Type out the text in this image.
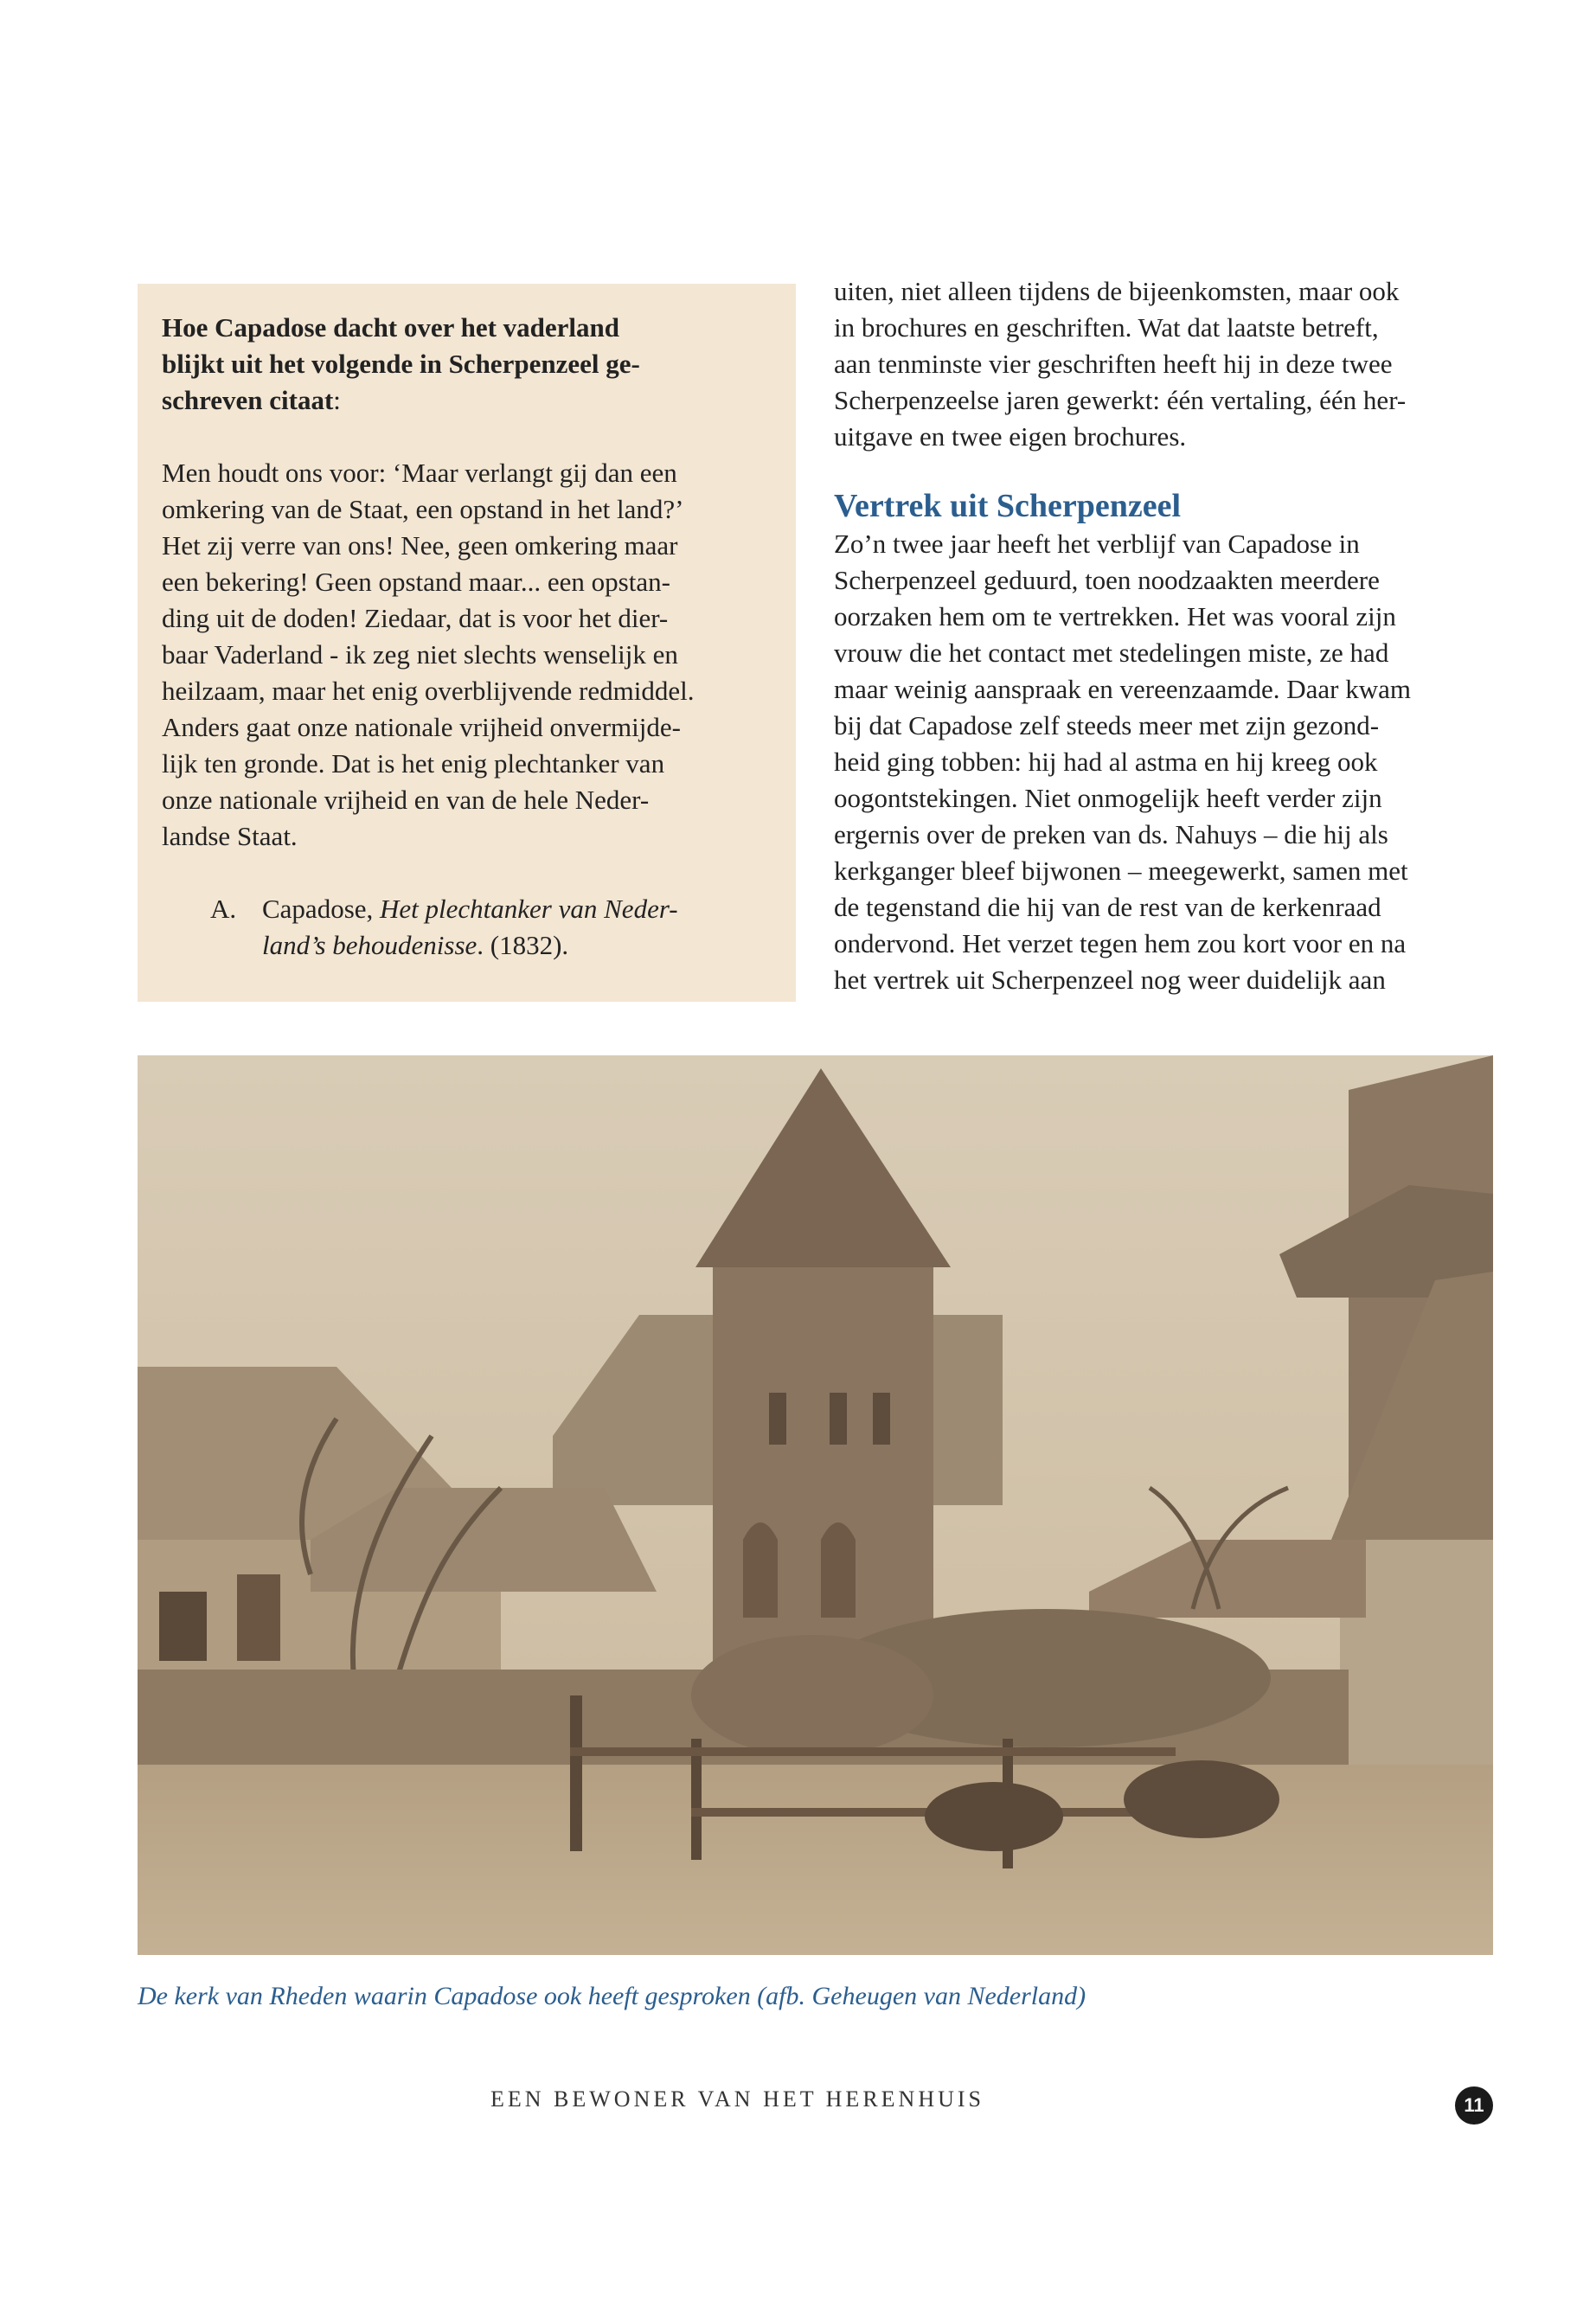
Hoe Capadose dacht over het vaderland
blijkt uit het volgende in Scherpenzeel ge-
schreven citaat:

Men houdt ons voor: ‘Maar verlangt gij dan een

omkering van de Staat, een opstand in het land?’

Het zij verre van ons! Nee, geen omkering maar

een bekering! Geen opstand maar... een opstan-

ding uit de doden! Ziedaar, dat is voor het dier-

baar Vaderland - ik zeg niet slechts wenselijk en

heilzaam, maar het enig overblijvende redmiddel.

Anders gaat onze nationale vrijheid onvermijde-

lijk ten gronde. Dat is het enig plechtanker van

onze nationale vrijheid en van de hele Neder-

landse Staat.

A. Capadose, Het plechtanker van Neder-
land’s behoudenisse. (1832).
uiten, niet alleen tijdens de bijeenkomsten, maar ook
in brochures en geschriften. Wat dat laatste betreft,
aan tenminste vier geschriften heeft hij in deze twee
Scherpenzeelse jaren gewerkt: één vertaling, één her-
uitgave en twee eigen brochures.
Vertrek uit Scherpenzeel
Zo’n twee jaar heeft het verblijf van Capadose in
Scherpenzeel geduurd, toen noodzaakten meerdere
oorzaken hem om te vertrekken. Het was vooral zijn
vrouw die het contact met stedelingen miste, ze had
maar weinig aanspraak en vereenzaamde. Daar kwam
bij dat Capadose zelf steeds meer met zijn gezond-
heid ging tobben: hij had al astma en hij kreeg ook
oogontstekingen. Niet onmogelijk heeft verder zijn
ergernis over de preken van ds. Nahuys – die hij als
kerkganger bleef bijwonen – meegewerkt, samen met
de tegenstand die hij van de rest van de kerkenraad
ondervond. Het verzet tegen hem zou kort voor en na
het vertrek uit Scherpenzeel nog weer duidelijk aan
De kerk van Rheden waarin Capadose ook heeft gesproken (afb. Geheugen van Nederland)
EEN BEWONER VAN HET HERENHUIS	11
